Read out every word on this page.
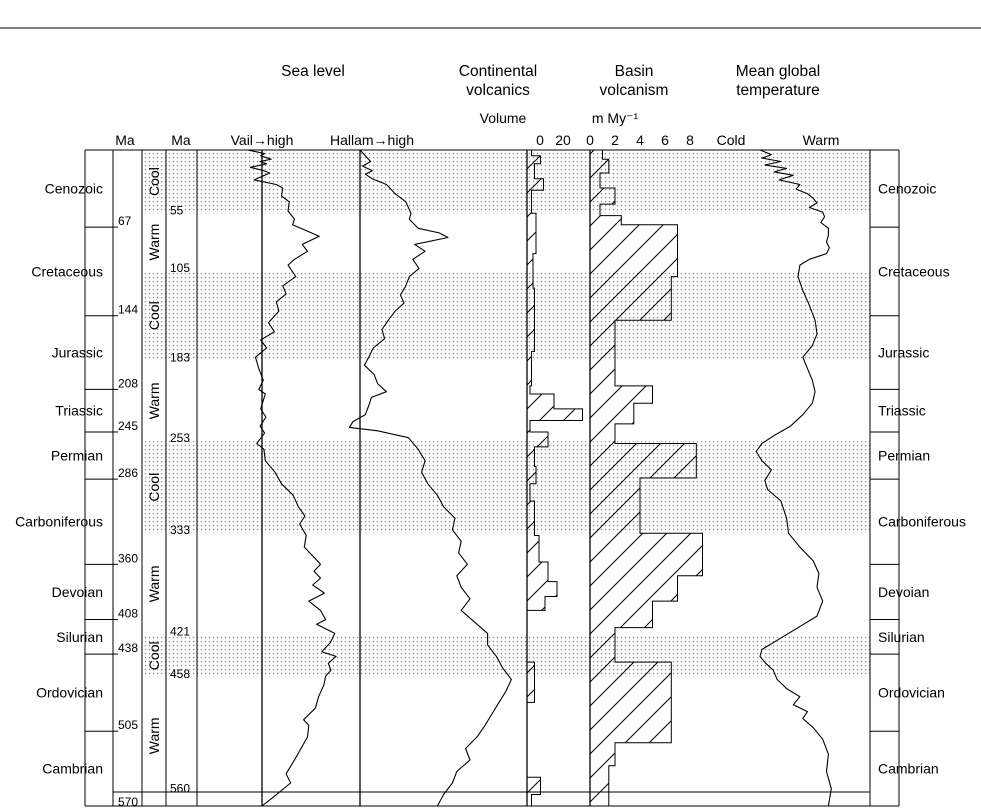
Sea level	Continental
volcanics
Basin
volcanism
Mean global
temperature
Ma	Ma	Vail→high	Hallam→high
Volume	m My⁻¹
Cold	Warm
0 20 0 2 4 6 8
Cenozoic	Cenozoic
Cretaceous	Cretaceous
Jurassic	Jurassic
Triassic	Triassic
Permian	Permian
Carboniferous	Carboniferous
Devoian	Devoian
Silurian	Silurian
Ordovician	Ordovician
Cambrian	Cambrian
67
144
208
245
286
360
408
438
505
570
55
105
183
253
333
421
458
560
Cool
Warm
Cool
Warm
Cool
Warm
Cool
Warm
